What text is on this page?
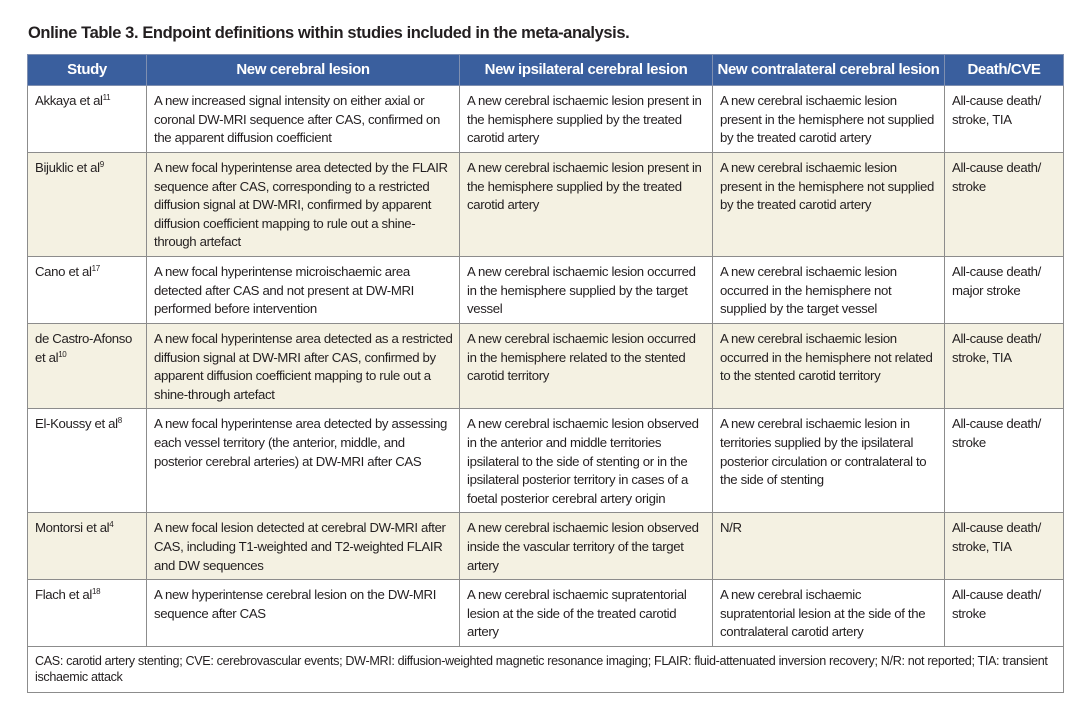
Online Table 3. Endpoint definitions within studies included in the meta-analysis.
Study	New cerebral lesion	New ipsilateral cerebral lesion	New contralateral cerebral lesion	Death/CVE
Akkaya et $al^{11}$	A new increased signal intensity on either axial or coronal DW-MRI sequence after CAS, confirmed on the apparent diffusion coefficient	A new cerebral ischaemic lesion present in the hemisphere supplied by the treated carotid artery	A new cerebral ischaemic lesion present in the hemisphere not supplied by the treated carotid artery	All-cause death/ stroke, TIA
Bijuklic et $al^9$	A new focal hyperintense area detected by the FLAIR sequence after CAS, corresponding to a restricted diffusion signal at DW-MRI, confirmed by apparent diffusion coefficient mapping to rule out a shine-through artefact	A new cerebral ischaemic lesion present in the hemisphere supplied by the treated carotid artery	A new cerebral ischaemic lesion present in the hemisphere not supplied by the treated carotid artery	All-cause death/ stroke
Cano et $al^{17}$	A new focal hyperintense microischaemic area detected after CAS and not present at DW-MRI performed before intervention	A new cerebral ischaemic lesion occurred in the hemisphere supplied by the target vessel	A new cerebral ischaemic lesion occurred in the hemisphere not supplied by the target vessel	All-cause death/ major stroke
de Castro-Afonso et $al^{10}$	A new focal hyperintense area detected as a restricted diffusion signal at DW-MRI after CAS, confirmed by apparent diffusion coefficient mapping to rule out a shine-through artefact	A new cerebral ischaemic lesion occurred in the hemisphere related to the stented carotid territory	A new cerebral ischaemic lesion occurred in the hemisphere not related to the stented carotid territory	All-cause death/ stroke, TIA
El-Koussy et $al^8$	A new focal hyperintense area detected by assessing each vessel territory (the anterior, middle, and posterior cerebral arteries) at DW-MRI after CAS	A new cerebral ischaemic lesion observed in the anterior and middle territories ipsilateral to the side of stenting or in the ipsilateral posterior territory in cases of a foetal posterior cerebral artery origin	A new cerebral ischaemic lesion in territories supplied by the ipsilateral posterior circulation or contralateral to the side of stenting	All-cause death/ stroke
Montorsi et $al^4$	A new focal lesion detected at cerebral DW-MRI after CAS, including T1-weighted and T2-weighted FLAIR and DW sequences	A new cerebral ischaemic lesion observed inside the vascular territory of the target artery	N/R	All-cause death/ stroke, TIA
Flach et $al^{18}$	A new hyperintense cerebral lesion on the DW-MRI sequence after CAS	A new cerebral ischaemic supratentorial lesion at the side of the treated carotid artery	A new cerebral ischaemic supratentorial lesion at the side of the contralateral carotid artery	All-cause death/ stroke
CAS: carotid artery stenting; CVE: cerebrovascular events; DW-MRI: diffusion-weighted magnetic resonance imaging; FLAIR: fluid-attenuated inversion recovery; N/R: not reported; TIA: transient ischaemic attack				
